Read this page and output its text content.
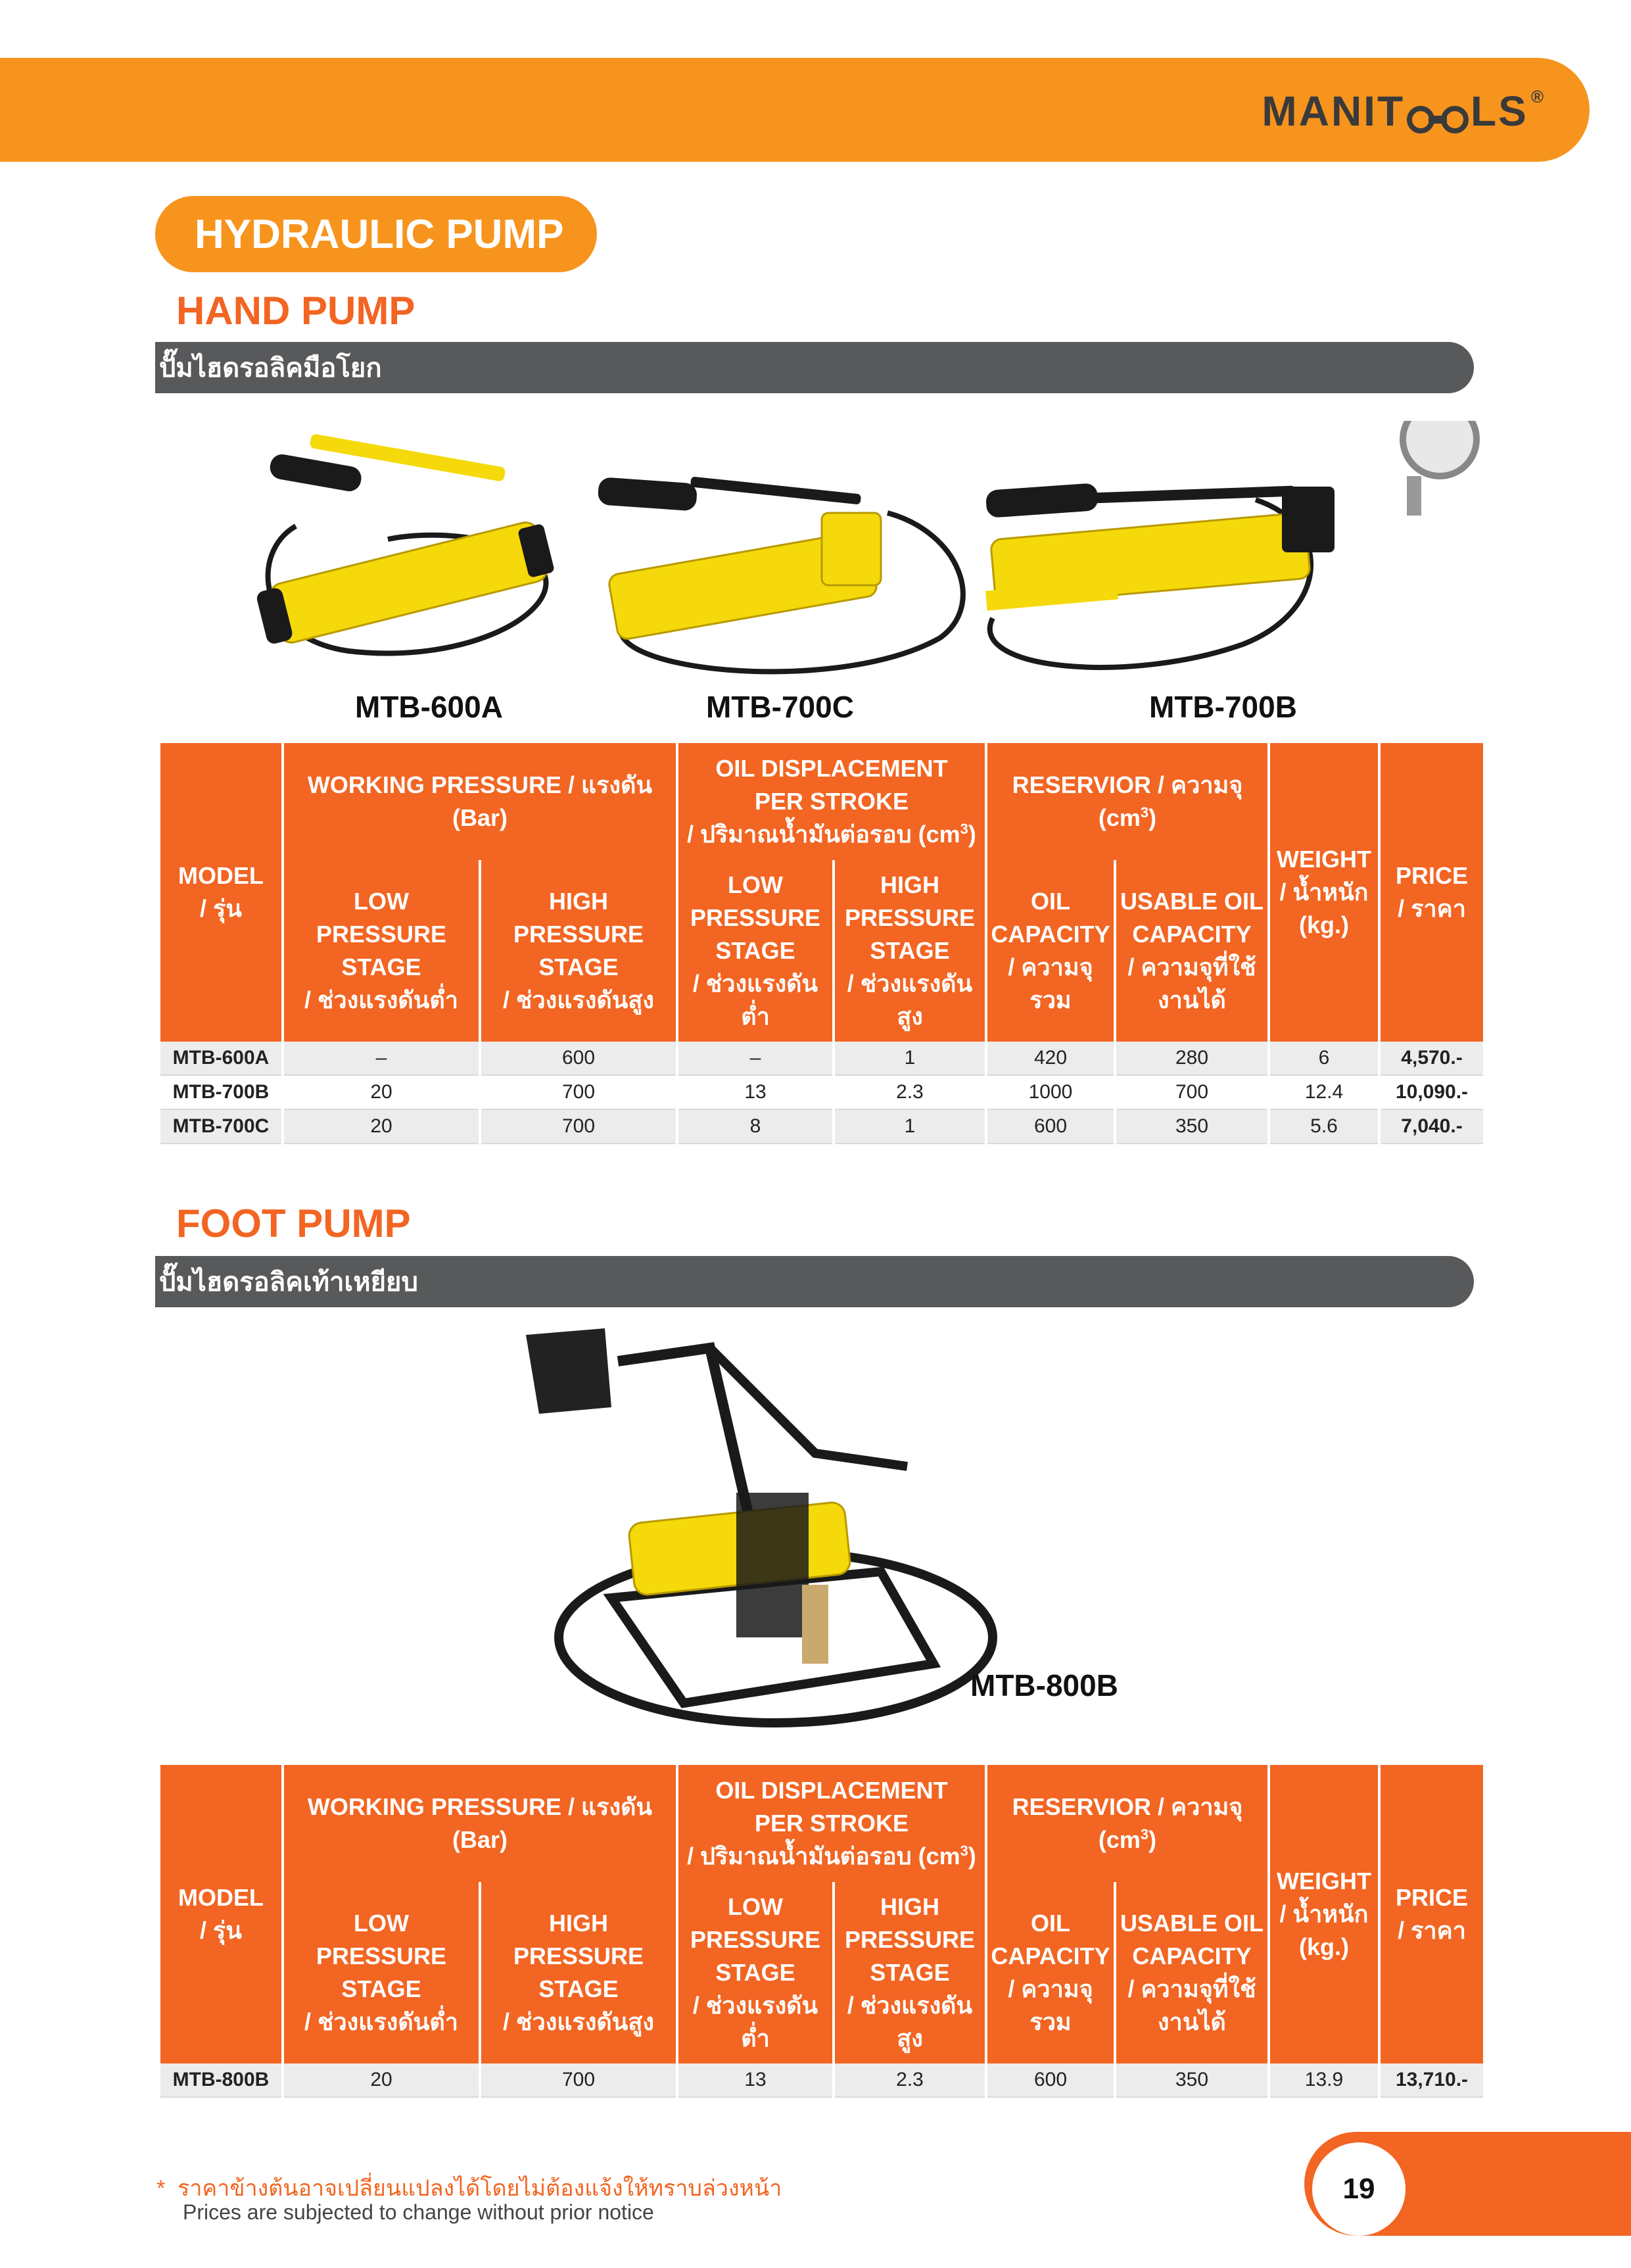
MANIT LS ®
HYDRAULIC PUMP
HAND PUMP
ปั๊มไฮดรอลิคมือโยก
MTB-600A	MTB-700C	MTB-700B
MODEL
/ รุ่น	WORKING PRESSURE / แรงดัน (Bar)		OIL DISPLACEMENT
PER STROKE
/ ปริมาณน้ำมันต่อรอบ $(cm^3)$		RESERVIOR / ความจุ
$(cm^3)$		WEIGHT
/ น้ำหนัก
(kg.)	PRICE
/ ราคา
	LOW PRESSURE
STAGE
/ ช่วงแรงดันต่ำ	HIGH PRESSURE
STAGE
/ ช่วงแรงดันสูง	LOW
PRESSURE
STAGE
/ ช่วงแรงดัน
ต่ำ	HIGH
PRESSURE
STAGE
/ ช่วงแรงดัน
สูง	OIL
CAPACITY
/ ความจุ
รวม	USABLE OIL
CAPACITY
/ ความจุที่ใช้
งานได้		
MTB-600A	–	600	–	1	420	280	6	4,570.-
MTB-700B	20	700	13	2.3	1000	700	12.4	10,090.-
MTB-700C	20	700	8	1	600	350	5.6	7,040.-
FOOT PUMP
ปั๊มไฮดรอลิคเท้าเหยียบ
MTB-800B
MODEL
/ รุ่น	WORKING PRESSURE / แรงดัน (Bar)		OIL DISPLACEMENT
PER STROKE
/ ปริมาณน้ำมันต่อรอบ $(cm^3)$		RESERVIOR / ความจุ
$(cm^3)$		WEIGHT
/ น้ำหนัก
(kg.)	PRICE
/ ราคา
	LOW PRESSURE
STAGE
/ ช่วงแรงดันต่ำ	HIGH PRESSURE
STAGE
/ ช่วงแรงดันสูง	LOW
PRESSURE
STAGE
/ ช่วงแรงดัน
ต่ำ	HIGH
PRESSURE
STAGE
/ ช่วงแรงดัน
สูง	OIL
CAPACITY
/ ความจุ
รวม	USABLE OIL
CAPACITY
/ ความจุที่ใช้
งานได้		
MTB-800B	20	700	13	2.3	600	350	13.9	13,710.-
* ราคาข้างต้นอาจเปลี่ยนแปลงได้โดยไม่ต้องแจ้งให้ทราบล่วงหน้า
Prices are subjected to change without prior notice
19
